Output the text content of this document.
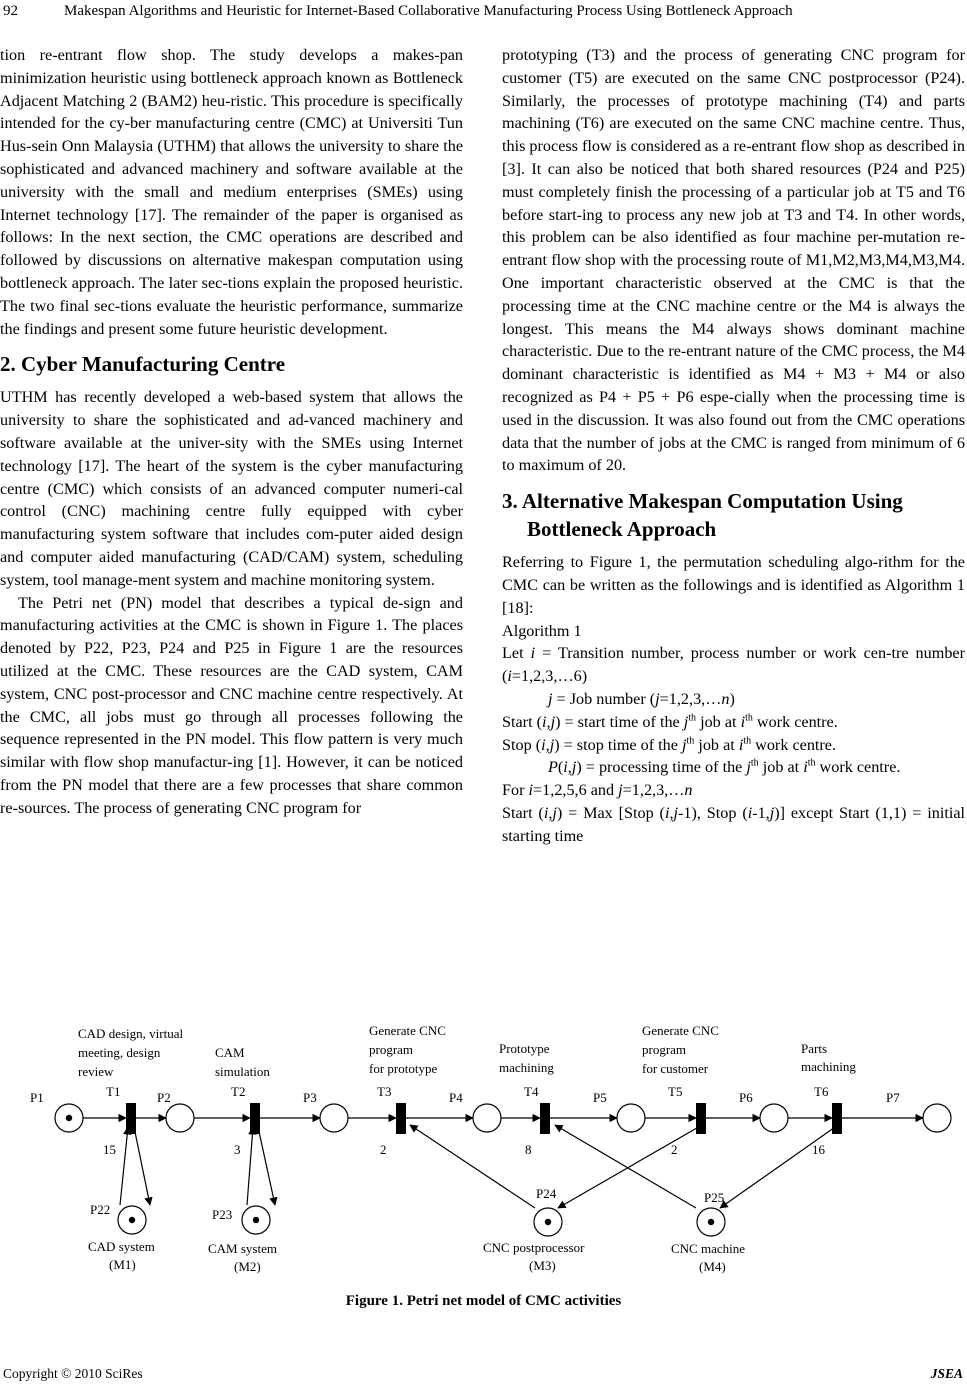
92	Makespan Algorithms and Heuristic for Internet-Based Collaborative Manufacturing Process Using Bottleneck Approach

tion re-entrant flow shop. The study develops a makes-pan minimization heuristic using bottleneck approach known as Bottleneck Adjacent Matching 2 (BAM2) heu-ristic. This procedure is specifically intended for the cy-ber manufacturing centre (CMC) at Universiti Tun Hus-sein Onn Malaysia (UTHM) that allows the university to share the sophisticated and advanced machinery and software available at the university with the small and medium enterprises (SMEs) using Internet technology [17]. The remainder of the paper is organised as follows: In the next section, the CMC operations are described and followed by discussions on alternative makespan computation using bottleneck approach. The later sec-tions explain the proposed heuristic. The two final sec-tions evaluate the heuristic performance, summarize the findings and present some future heuristic development.

2. Cyber Manufacturing Centre

UTHM has recently developed a web-based system that allows the university to share the sophisticated and ad-vanced machinery and software available at the univer-sity with the SMEs using Internet technology [17]. The heart of the system is the cyber manufacturing centre (CMC) which consists of an advanced computer numeri-cal control (CNC) machining centre fully equipped with cyber manufacturing system software that includes com-puter aided design and computer aided manufacturing (CAD/CAM) system, scheduling system, tool manage-ment system and machine monitoring system.

The Petri net (PN) model that describes a typical de-sign and manufacturing activities at the CMC is shown in Figure 1. The places denoted by P22, P23, P24 and P25 in Figure 1 are the resources utilized at the CMC. These resources are the CAD system, CAM system, CNC post-processor and CNC machine centre respectively. At the CMC, all jobs must go through all processes following the sequence represented in the PN model. This flow pattern is very much similar with flow shop manufactur-ing [1]. However, it can be noticed from the PN model that there are a few processes that share common re-sources. The process of generating CNC program for

prototyping (T3) and the process of generating CNC program for customer (T5) are executed on the same CNC postprocessor (P24). Similarly, the processes of prototype machining (T4) and parts machining (T6) are executed on the same CNC machine centre. Thus, this process flow is considered as a re-entrant flow shop as described in [3]. It can also be noticed that both shared resources (P24 and P25) must completely finish the processing of a particular job at T5 and T6 before start-ing to process any new job at T3 and T4. In other words, this problem can be also identified as four machine per-mutation re-entrant flow shop with the processing route of M1,M2,M3,M4,M3,M4. One important characteristic observed at the CMC is that the processing time at the CNC machine centre or the M4 is always the longest. This means the M4 always shows dominant machine characteristic. Due to the re-entrant nature of the CMC process, the M4 dominant characteristic is identified as M4 + M3 + M4 or also recognized as P4 + P5 + P6 espe-cially when the processing time is used in the discussion. It was also found out from the CMC operations data that the number of jobs at the CMC is ranged from minimum of 6 to maximum of 20.

3. Alternative Makespan Computation Using
Bottleneck Approach

Referring to Figure 1, the permutation scheduling algo-rithm for the CMC can be written as the followings and is identified as Algorithm 1 [18]:

Algorithm 1

Let i = Transition number, process number or work cen-tre number (i=1,2,3,…6)

j = Job number (j=1,2,3,…n)

Start (i,j) = start time of the $j^{th}$ job at $i^{th}$ work centre.

Stop (i,j) = stop time of the $j^{th}$ job at $i^{th}$ work centre.

P(i,j) = processing time of the $j^{th}$ job at $i^{th}$ work centre.

For i=1,2,5,6 and j=1,2,3,…n

Start (i,j) = Max [Stop (i,j-1), Stop (i-1,j)] except Start (1,1) = initial starting time

P1	P2	P3	P4	P5	P6	P7
T1	T2	T3	T4	T5	T6
15	3	2	8	2	16
CAD design, virtual
meeting, design
review
CAM
simulation
Generate CNC
program
for prototype
Prototype
machining
Generate CNC
program
for customer
Parts
machining
P22	P23
P24	P25
CAD system
(M1)
CAM system
(M2)
CNC postprocessor
(M3)
CNC machine
(M4)
Figure 1. Petri net model of CMC activities
Copyright © 2010 SciRes	JSEA
